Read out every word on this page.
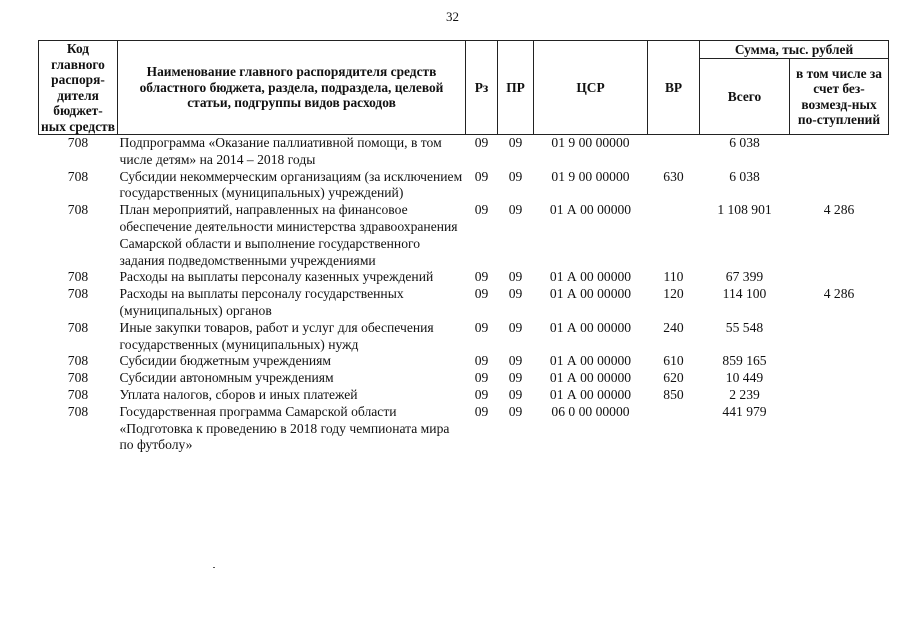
32
Код главного распоря-дителя бюджет-ных средств	Наименование главного распорядителя средств областного бюджета, раздела, подраздела, целевой статьи, подгруппы видов расходов	Рз	ПР	ЦСР	ВР	Сумма, тыс. рублей	
						Всего	в том числе за счет без-возмезд-ных по-ступлений
708	Подпрограмма «Оказание паллиативной помощи, в том числе детям» на 2014 – 2018 годы	09	09	01 9 00 00000		6 038	
708	Субсидии некоммерческим организациям (за исключением государственных (муниципальных) учреждений)	09	09	01 9 00 00000	630	6 038	
708	План мероприятий, направленных на финансовое обеспечение деятельности министерства здравоохранения Самарской области и выполнение государственного задания подведомственными учреждениями	09	09	01 А 00 00000		1 108 901	4 286
708	Расходы на выплаты персоналу казенных учреждений	09	09	01 А 00 00000	110	67 399	
708	Расходы на выплаты персоналу государственных (муниципальных) органов	09	09	01 А 00 00000	120	114 100	4 286
708	Иные закупки товаров, работ и услуг для обеспечения государственных (муниципальных) нужд	09	09	01 А 00 00000	240	55 548	
708	Субсидии бюджетным учреждениям	09	09	01 А 00 00000	610	859 165	
708	Субсидии автономным учреждениям	09	09	01 А 00 00000	620	10 449	
708	Уплата налогов, сборов и иных платежей	09	09	01 А 00 00000	850	2 239	
708	Государственная программа Самарской области «Подготовка к проведению в 2018 году чемпионата мира по футболу»	09	09	06 0 00 00000		441 979	
